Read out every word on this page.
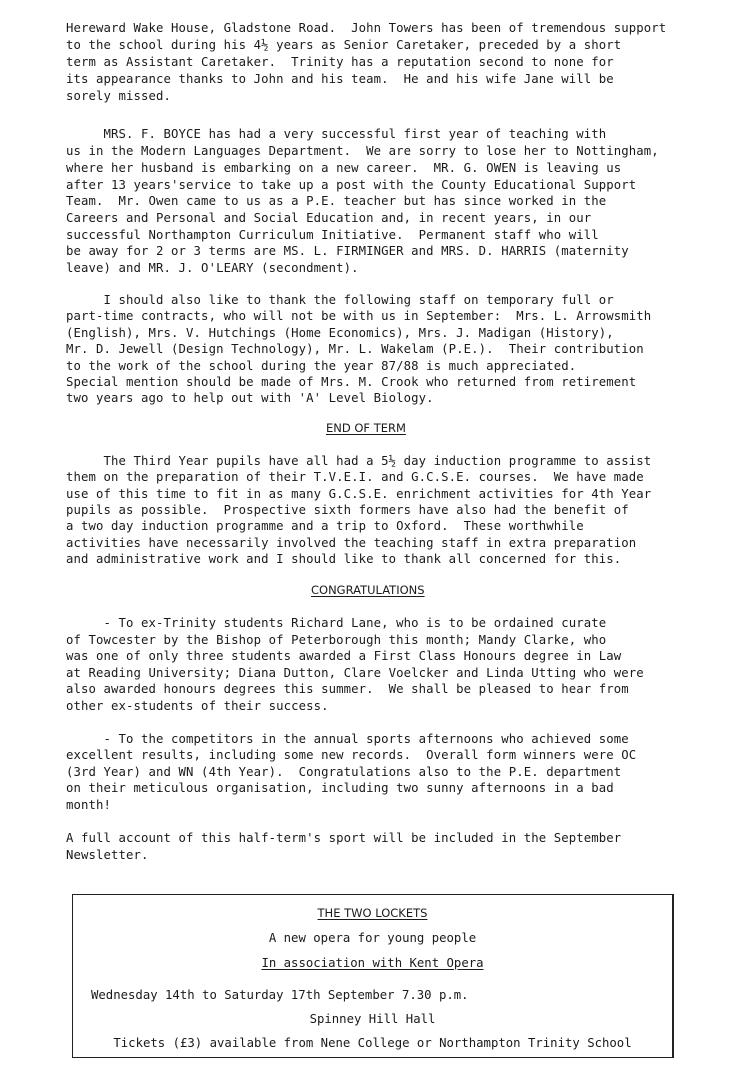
Hereward Wake House, Gladstone Road.  John Towers has been of tremendous support
to the school during his 4½ years as Senior Caretaker, preceded by a short
term as Assistant Caretaker.  Trinity has a reputation second to none for
its appearance thanks to John and his team.  He and his wife Jane will be
sorely missed.
MRS. F. BOYCE has had a very successful first year of teaching with
us in the Modern Languages Department.  We are sorry to lose her to Nottingham,
where her husband is embarking on a new career.  MR. G. OWEN is leaving us
after 13 years'service to take up a post with the County Educational Support
Team.  Mr. Owen came to us as a P.E. teacher but has since worked in the
Careers and Personal and Social Education and, in recent years, in our
successful Northampton Curriculum Initiative.  Permanent staff who will
be away for 2 or 3 terms are MS. L. FIRMINGER and MRS. D. HARRIS (maternity
leave) and MR. J. O'LEARY (secondment).
I should also like to thank the following staff on temporary full or
part-time contracts, who will not be with us in September:  Mrs. L. Arrowsmith
(English), Mrs. V. Hutchings (Home Economics), Mrs. J. Madigan (History),
Mr. D. Jewell (Design Technology), Mr. L. Wakelam (P.E.).  Their contribution
to the work of the school during the year 87/88 is much appreciated.
Special mention should be made of Mrs. M. Crook who returned from retirement
two years ago to help out with 'A' Level Biology.
END OF TERM
The Third Year pupils have all had a 5½ day induction programme to assist
them on the preparation of their T.V.E.I. and G.C.S.E. courses.  We have made
use of this time to fit in as many G.C.S.E. enrichment activities for 4th Year
pupils as possible.  Prospective sixth formers have also had the benefit of
a two day induction programme and a trip to Oxford.  These worthwhile
activities have necessarily involved the teaching staff in extra preparation
and administrative work and I should like to thank all concerned for this.
CONGRATULATIONS
- To ex-Trinity students Richard Lane, who is to be ordained curate
of Towcester by the Bishop of Peterborough this month; Mandy Clarke, who
was one of only three students awarded a First Class Honours degree in Law
at Reading University; Diana Dutton, Clare Voelcker and Linda Utting who were
also awarded honours degrees this summer.  We shall be pleased to hear from
other ex-students of their success.
- To the competitors in the annual sports afternoons who achieved some
excellent results, including some new records.  Overall form winners were OC
(3rd Year) and WN (4th Year).  Congratulations also to the P.E. department
on their meticulous organisation, including two sunny afternoons in a bad
month!
A full account of this half-term's sport will be included in the September
Newsletter.
THE TWO LOCKETS
A new opera for young people
In association with Kent Opera
Wednesday 14th to Saturday 17th September 7.30 p.m.
Spinney Hill Hall
Tickets (£3) available from Nene College or Northampton Trinity School
